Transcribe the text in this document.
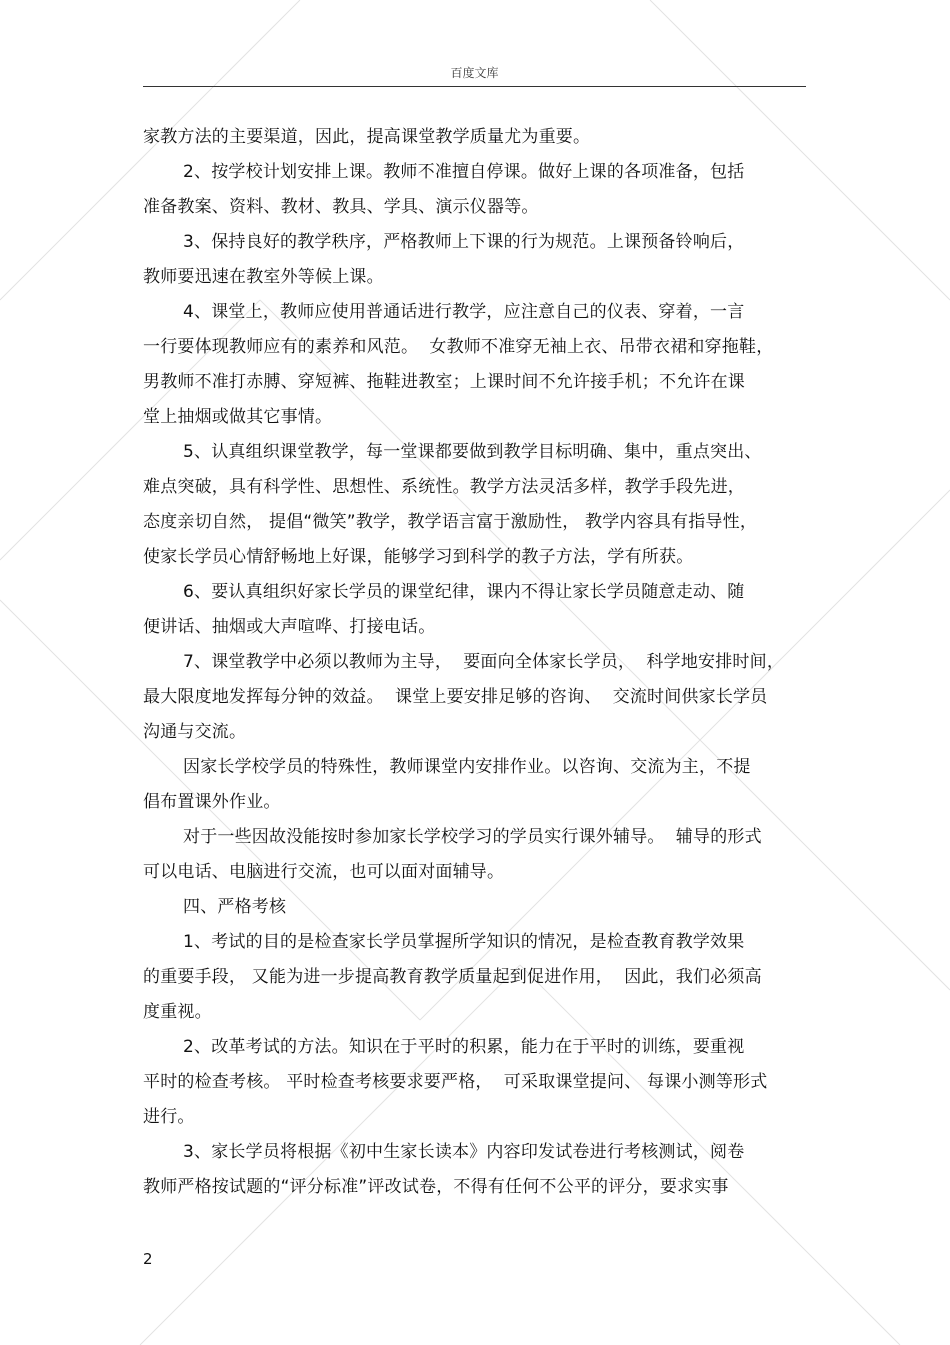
百度文库
家教方法的主要渠道，因此，提高课堂教学质量尤为重要。
2、按学校计划安排上课。教师不准擅自停课。做好上课的各项准备，包括
准备教案、资料、教材、教具、学具、演示仪器等。
3、保持良好的教学秩序，严格教师上下课的行为规范。上课预备铃响后，
教师要迅速在教室外等候上课。
4、课堂上，教师应使用普通话进行教学，应注意自己的仪表、穿着，一言
一行要体现教师应有的素养和风范。  女教师不准穿无袖上衣、吊带衣裙和穿拖鞋，
男教师不准打赤膊、穿短裤、拖鞋进教室；上课时间不允许接手机；不允许在课
堂上抽烟或做其它事情。
5、认真组织课堂教学，每一堂课都要做到教学目标明确、集中，重点突出、
难点突破，具有科学性、思想性、系统性。教学方法灵活多样，教学手段先进，
态度亲切自然， 提倡“微笑”教学，教学语言富于激励性， 教学内容具有指导性，
使家长学员心情舒畅地上好课，能够学习到科学的教子方法，学有所获。
6、要认真组织好家长学员的课堂纪律，课内不得让家长学员随意走动、随
便讲话、抽烟或大声喧哗、打接电话。
7、课堂教学中必须以教师为主导，  要面向全体家长学员，  科学地安排时间，
最大限度地发挥每分钟的效益。  课堂上要安排足够的咨询、  交流时间供家长学员
沟通与交流。
因家长学校学员的特殊性，教师课堂内安排作业。以咨询、交流为主，不提
倡布置课外作业。
对于一些因故没能按时参加家长学校学习的学员实行课外辅导。  辅导的形式
可以电话、电脑进行交流，也可以面对面辅导。
四、严格考核
1、考试的目的是检查家长学员掌握所学知识的情况，是检查教育教学效果
的重要手段， 又能为进一步提高教育教学质量起到促进作用，  因此，我们必须高
度重视。
2、改革考试的方法。知识在于平时的积累，能力在于平时的训练，要重视
平时的检查考核。 平时检查考核要求要严格，  可采取课堂提问、 每课小测等形式
进行。
3、家长学员将根据《初中生家长读本》内容印发试卷进行考核测试，阅卷
教师严格按试题的“评分标准”评改试卷，不得有任何不公平的评分，要求实事
2
